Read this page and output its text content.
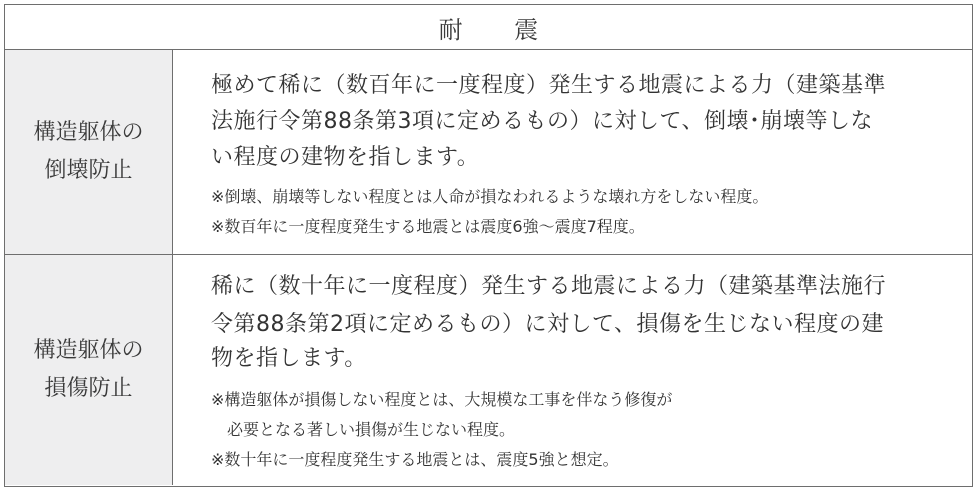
耐 震
構造躯体の
倒壊防止
極めて稀に（数百年に一度程度）発生する地震による力（建築基準
法施行令第88条第3項に定めるもの）に対して、倒壊･崩壊等しな
い程度の建物を指します。
※倒壊、崩壊等しない程度とは人命が損なわれるような壊れ方をしない程度。
※数百年に一度程度発生する地震とは震度6強〜震度7程度。
構造躯体の
損傷防止
稀に（数十年に一度程度）発生する地震による力（建築基準法施行
令第88条第2項に定めるもの）に対して、損傷を生じない程度の建
物を指します。
※構造躯体が損傷しない程度とは、大規模な工事を伴なう修復が
　必要となる著しい損傷が生じない程度。
※数十年に一度程度発生する地震とは、震度5強と想定。
